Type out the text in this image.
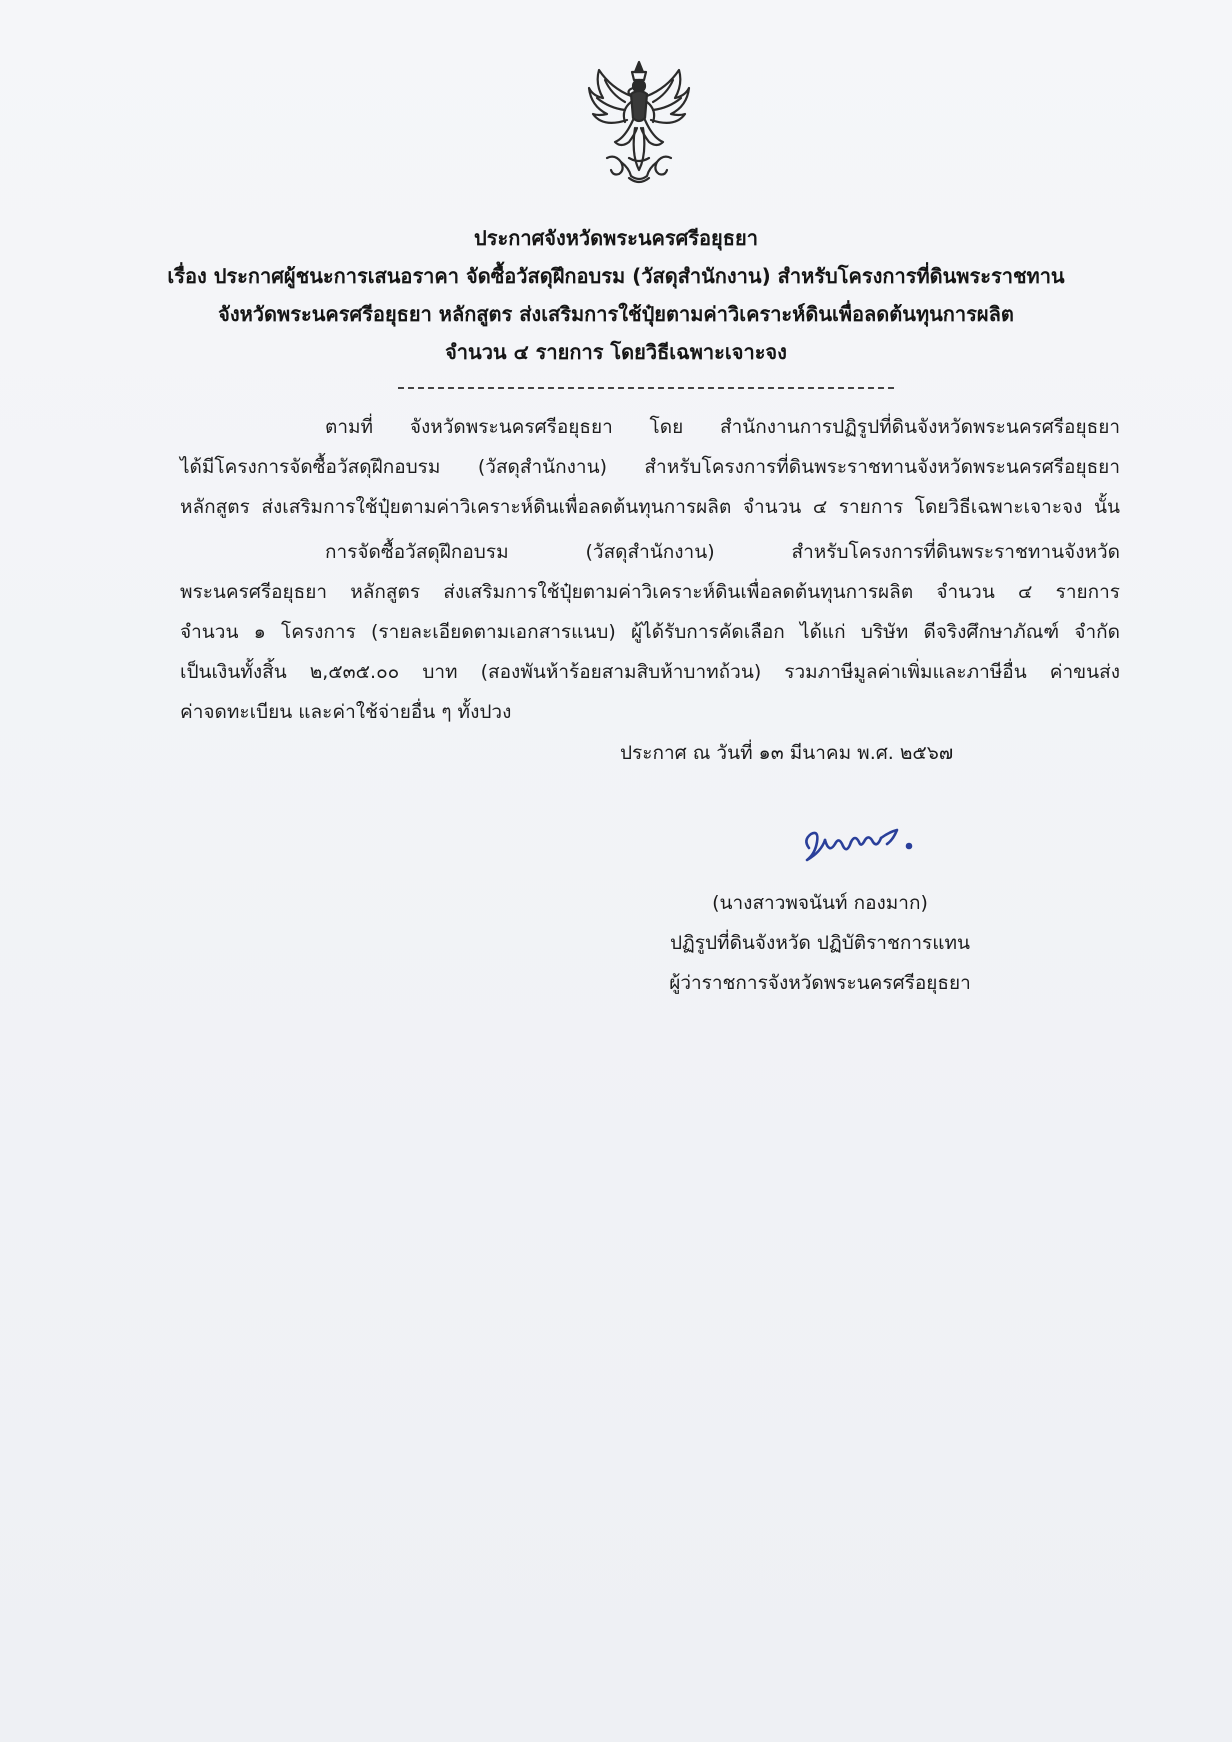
ประกาศจังหวัดพระนครศรีอยุธยา
เรื่อง ประกาศผู้ชนะการเสนอราคา จัดซื้อวัสดุฝึกอบรม (วัสดุสำนักงาน) สำหรับโครงการที่ดินพระราชทาน
จังหวัดพระนครศรีอยุธยา หลักสูตร ส่งเสริมการใช้ปุ๋ยตามค่าวิเคราะห์ดินเพื่อลดต้นทุนการผลิต
จำนวน ๔ รายการ โดยวิธีเฉพาะเจาะจง
ตามที่ จังหวัดพระนครศรีอยุธยา โดย สำนักงานการปฏิรูปที่ดินจังหวัดพระนครศรีอยุธยา
ได้มีโครงการจัดซื้อวัสดุฝึกอบรม (วัสดุสำนักงาน) สำหรับโครงการที่ดินพระราชทานจังหวัดพระนครศรีอยุธยา
หลักสูตร ส่งเสริมการใช้ปุ๋ยตามค่าวิเคราะห์ดินเพื่อลดต้นทุนการผลิต จำนวน ๔ รายการ โดยวิธีเฉพาะเจาะจง นั้น
การจัดซื้อวัสดุฝึกอบรม (วัสดุสำนักงาน) สำหรับโครงการที่ดินพระราชทานจังหวัด
พระนครศรีอยุธยา หลักสูตร ส่งเสริมการใช้ปุ๋ยตามค่าวิเคราะห์ดินเพื่อลดต้นทุนการผลิต จำนวน ๔ รายการ
จำนวน ๑ โครงการ (รายละเอียดตามเอกสารแนบ) ผู้ได้รับการคัดเลือก ได้แก่ บริษัท ดีจริงศึกษาภัณฑ์ จำกัด
เป็นเงินทั้งสิ้น ๒,๕๓๕.๐๐ บาท (สองพันห้าร้อยสามสิบห้าบาทถ้วน) รวมภาษีมูลค่าเพิ่มและภาษีอื่น ค่าขนส่ง
ค่าจดทะเบียน และค่าใช้จ่ายอื่น ๆ ทั้งปวง
ประกาศ ณ วันที่ ๑๓ มีนาคม พ.ศ. ๒๕๖๗
(นางสาวพจนันท์ กองมาก)
ปฏิรูปที่ดินจังหวัด ปฏิบัติราชการแทน
ผู้ว่าราชการจังหวัดพระนครศรีอยุธยา
